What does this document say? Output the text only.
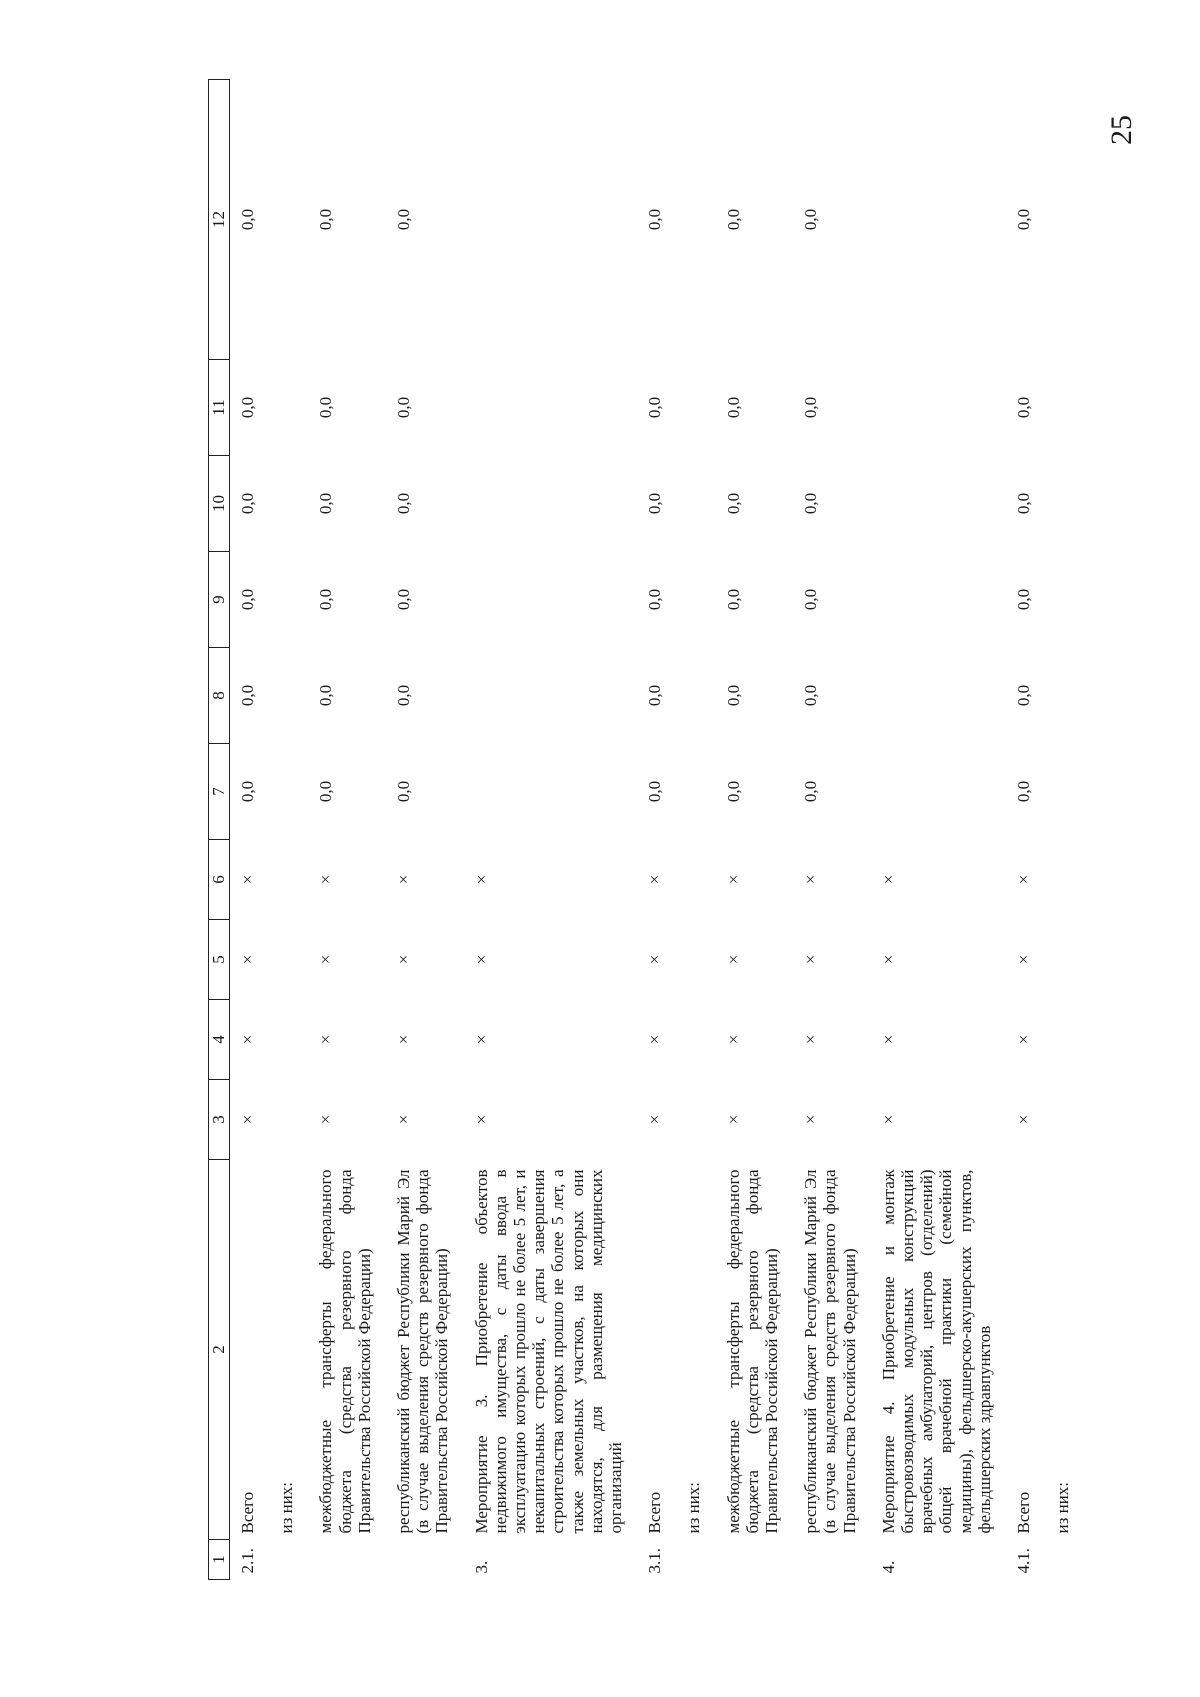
25

1	2	3	4	5	6	7	8	9	10	11	12
2.1.	Всего	×	×	×	×	0,0	0,0	0,0	0,0	0,0	0,0
	из них:										
	межбюджетные трансферты федерального бюджета (средства резервного фонда Правительства Российской Федерации)	×	×	×	×	0,0	0,0	0,0	0,0	0,0	0,0
	республиканский бюджет Республики Марий Эл (в случае выделения средств резервного фонда Правительства Российской Федерации)	×	×	×	×	0,0	0,0	0,0	0,0	0,0	0,0
3.	Мероприятие 3. Приобретение объектов недвижимого имущества, с даты ввода в эксплуатацию которых прошло не более 5 лет, и некапитальных строений, с даты завершения строительства которых прошло не более 5 лет, а также земельных участков, на которых они находятся, для размещения медицинских организаций	×	×	×	×						
3.1.	Всего	×	×	×	×	0,0	0,0	0,0	0,0	0,0	0,0
	из них:										
	межбюджетные трансферты федерального бюджета (средства резервного фонда Правительства Российской Федерации)	×	×	×	×	0,0	0,0	0,0	0,0	0,0	0,0
	республиканский бюджет Республики Марий Эл (в случае выделения средств резервного фонда Правительства Российской Федерации)	×	×	×	×	0,0	0,0	0,0	0,0	0,0	0,0
4.	Мероприятие 4. Приобретение и монтаж быстровозводимых модульных конструкций врачебных амбулаторий, центров (отделений) общей врачебной практики (семейной медицины), фельдшерско-акушерских пунктов, фельдшерских здравпунктов	×	×	×	×						
4.1.	Всего	×	×	×	×	0,0	0,0	0,0	0,0	0,0	0,0
	из них:										
